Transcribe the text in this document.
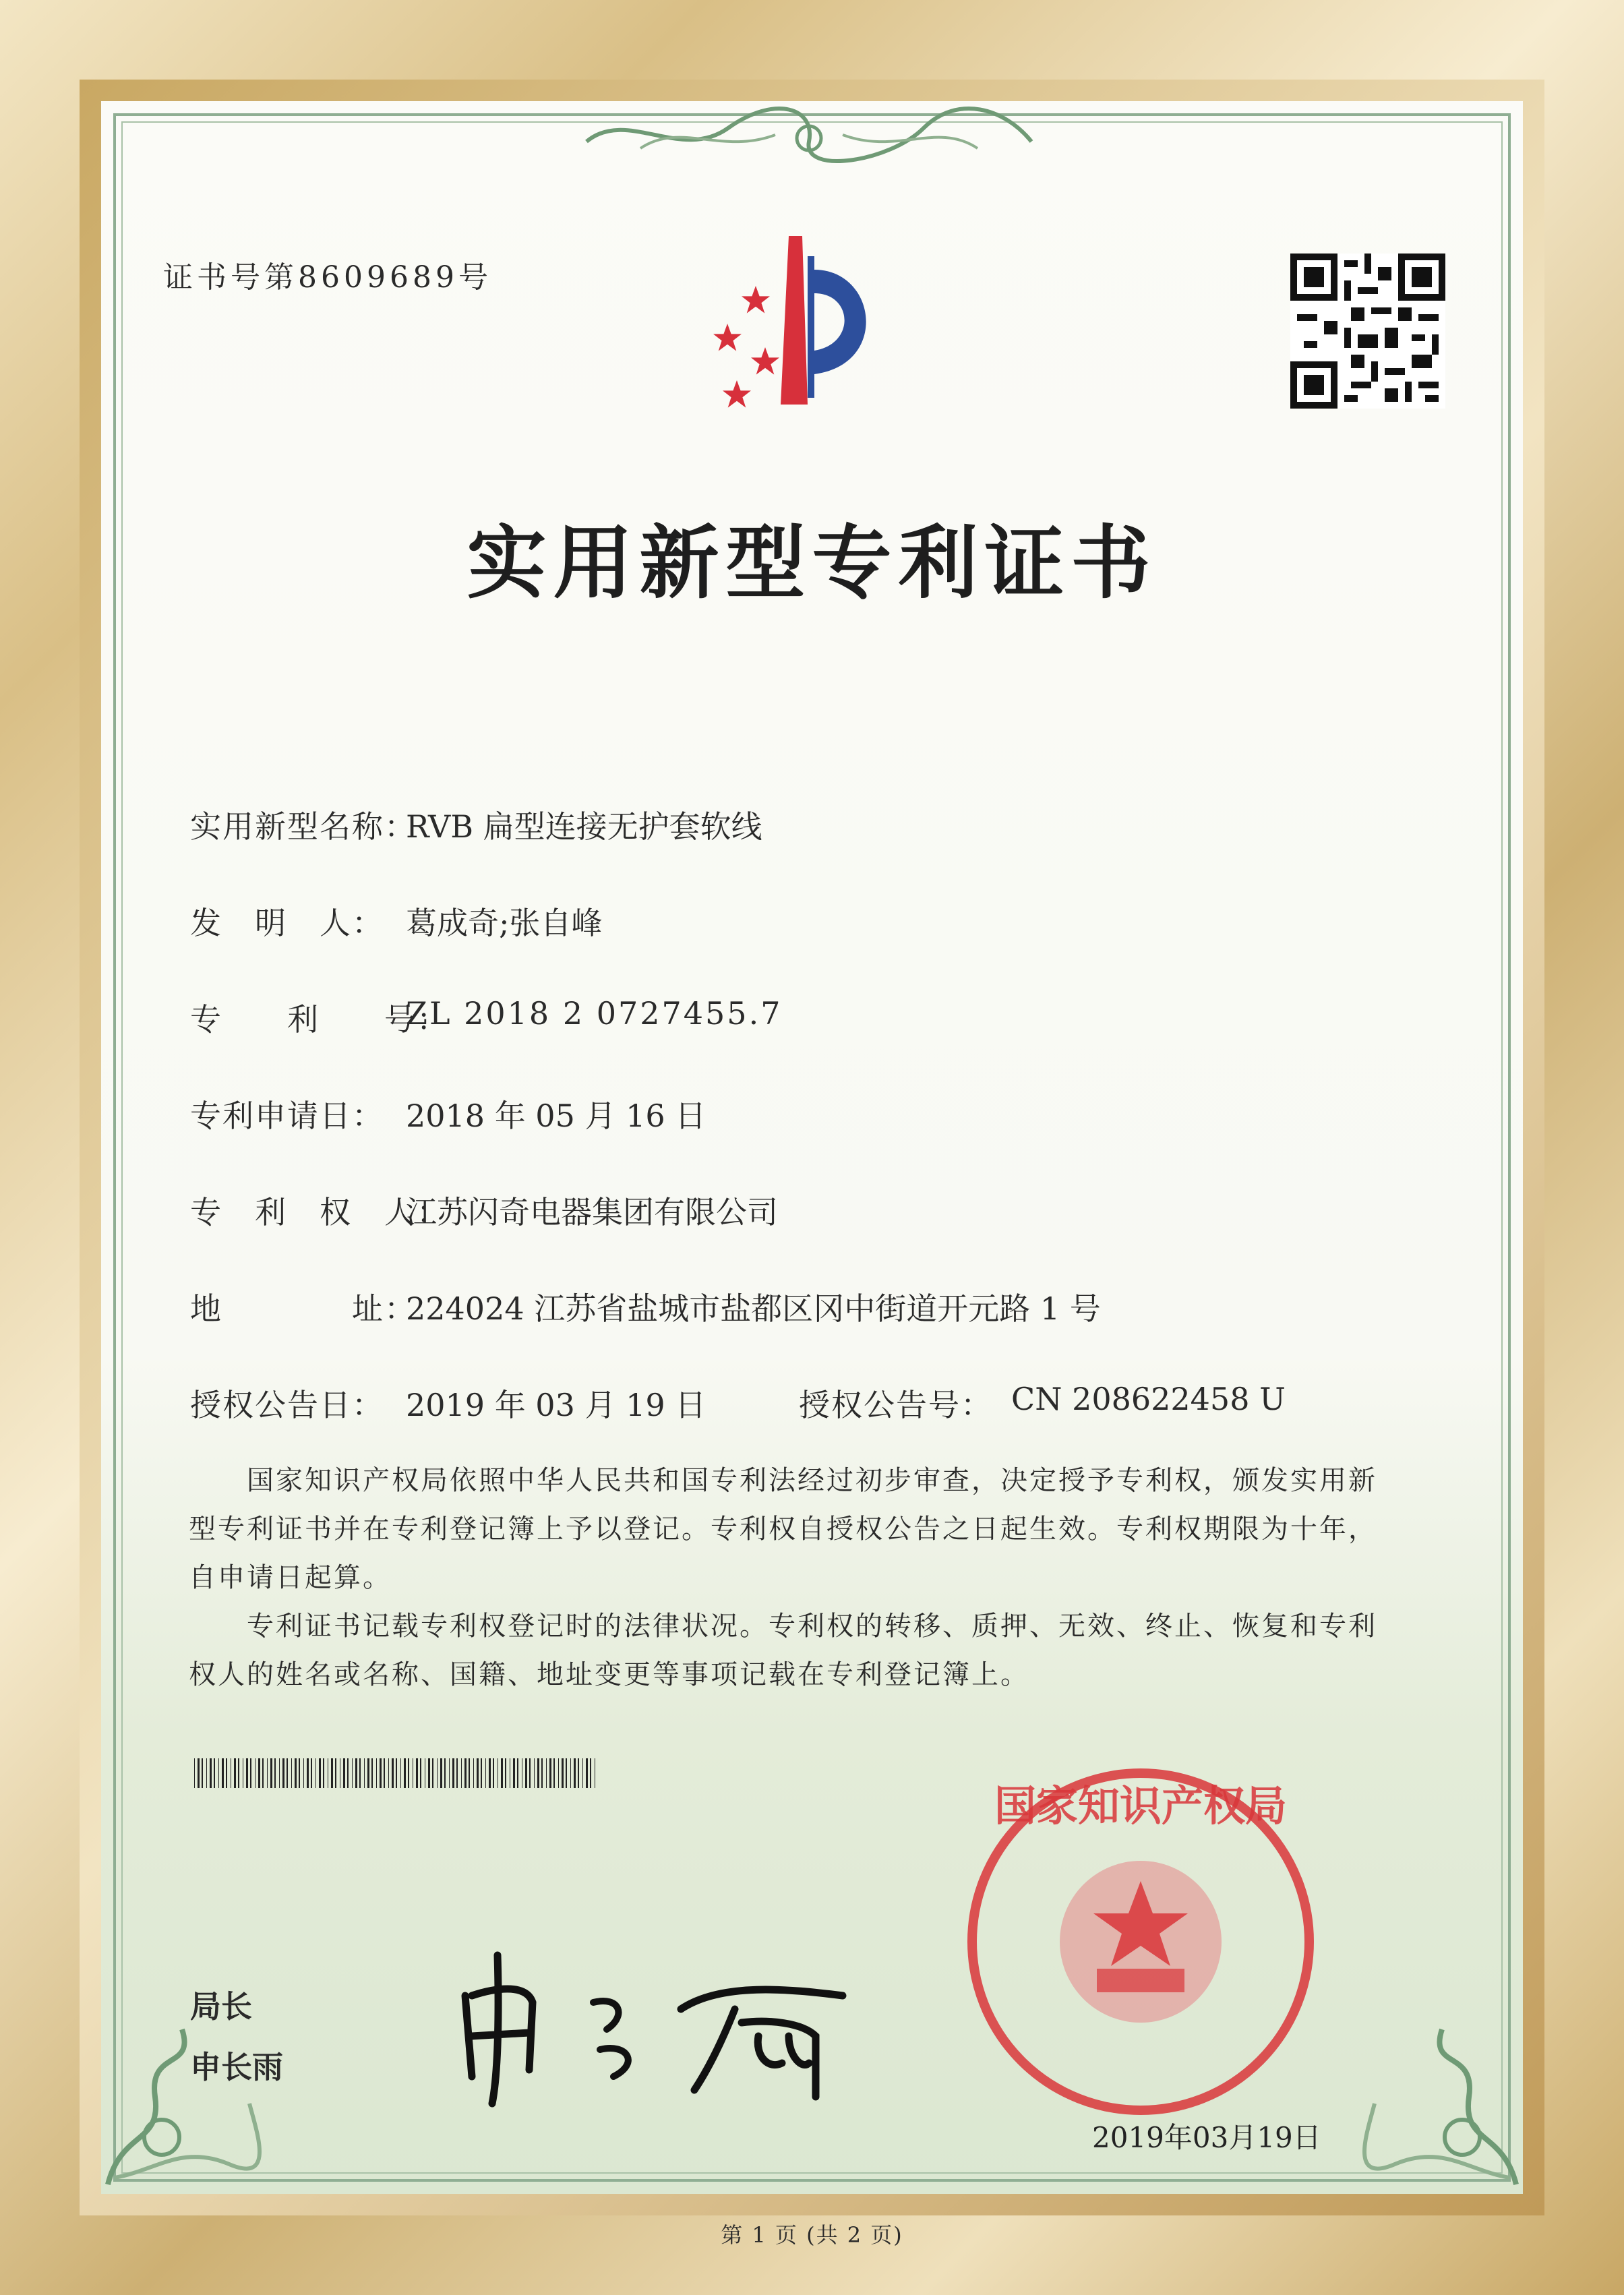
证书号第8609689号
实用新型专利证书
实用新型名称：
RVB 扁型连接无护套软线
发　明　人： 葛成奇;张自峰
专　　利　　号：
ZL 2018 2 0727455.7
专利申请日： 2018 年 05 月 16 日
专　利　权　人：
江苏闪奇电器集团有限公司
地　　　　址：
224024 江苏省盐城市盐都区冈中街道开元路 1 号
授权公告日： 2019 年 03 月 19 日	授权公告号： CN 208622458 U
　　国家知识产权局依照中华人民共和国专利法经过初步审查，决定授予专利权，颁发实用新型专利证书并在专利登记簿上予以登记。专利权自授权公告之日起生效。专利权期限为十年，自申请日起算。
　　专利证书记载专利权登记时的法律状况。专利权的转移、质押、无效、终止、恢复和专利权人的姓名或名称、国籍、地址变更等事项记载在专利登记簿上。
局长
申长雨
国家知识产权局
2019年03月19日
第 1 页 (共 2 页)
